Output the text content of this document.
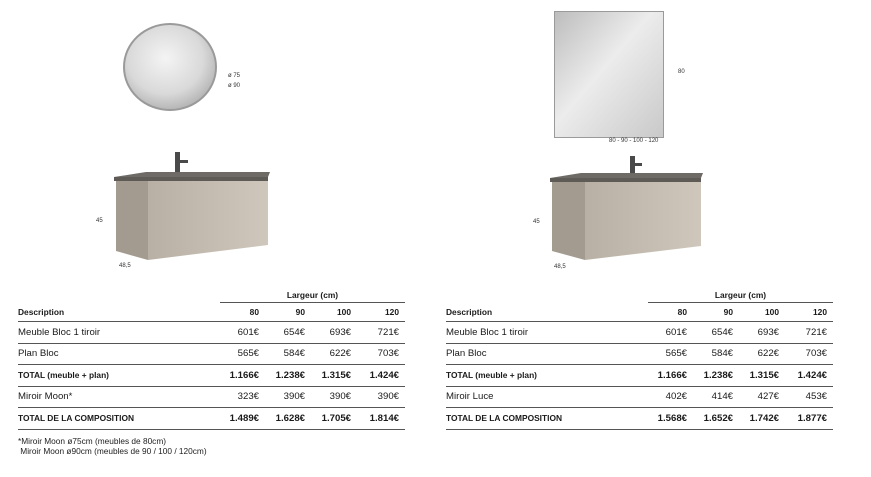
ø 75
ø 90
45
48,5
80
80 - 90 - 100 - 120
45
48,5
	Largeur (cm)			
Description	80	90	100	120
Meuble Bloc 1 tiroir	601€	654€	693€	721€
Plan Bloc	565€	584€	622€	703€
TOTAL (meuble + plan)	1.166€	1.238€	1.315€	1.424€
Miroir Moon*	323€	390€	390€	390€
TOTAL DE LA COMPOSITION	1.489€	1.628€	1.705€	1.814€
*Miroir Moon ø75cm (meubles de 80cm)
Miroir Moon ø90cm (meubles de 90 / 100 / 120cm)
	Largeur (cm)			
Description	80	90	100	120
Meuble Bloc 1 tiroir	601€	654€	693€	721€
Plan Bloc	565€	584€	622€	703€
TOTAL (meuble + plan)	1.166€	1.238€	1.315€	1.424€
Miroir Luce	402€	414€	427€	453€
TOTAL DE LA COMPOSITION	1.568€	1.652€	1.742€	1.877€
